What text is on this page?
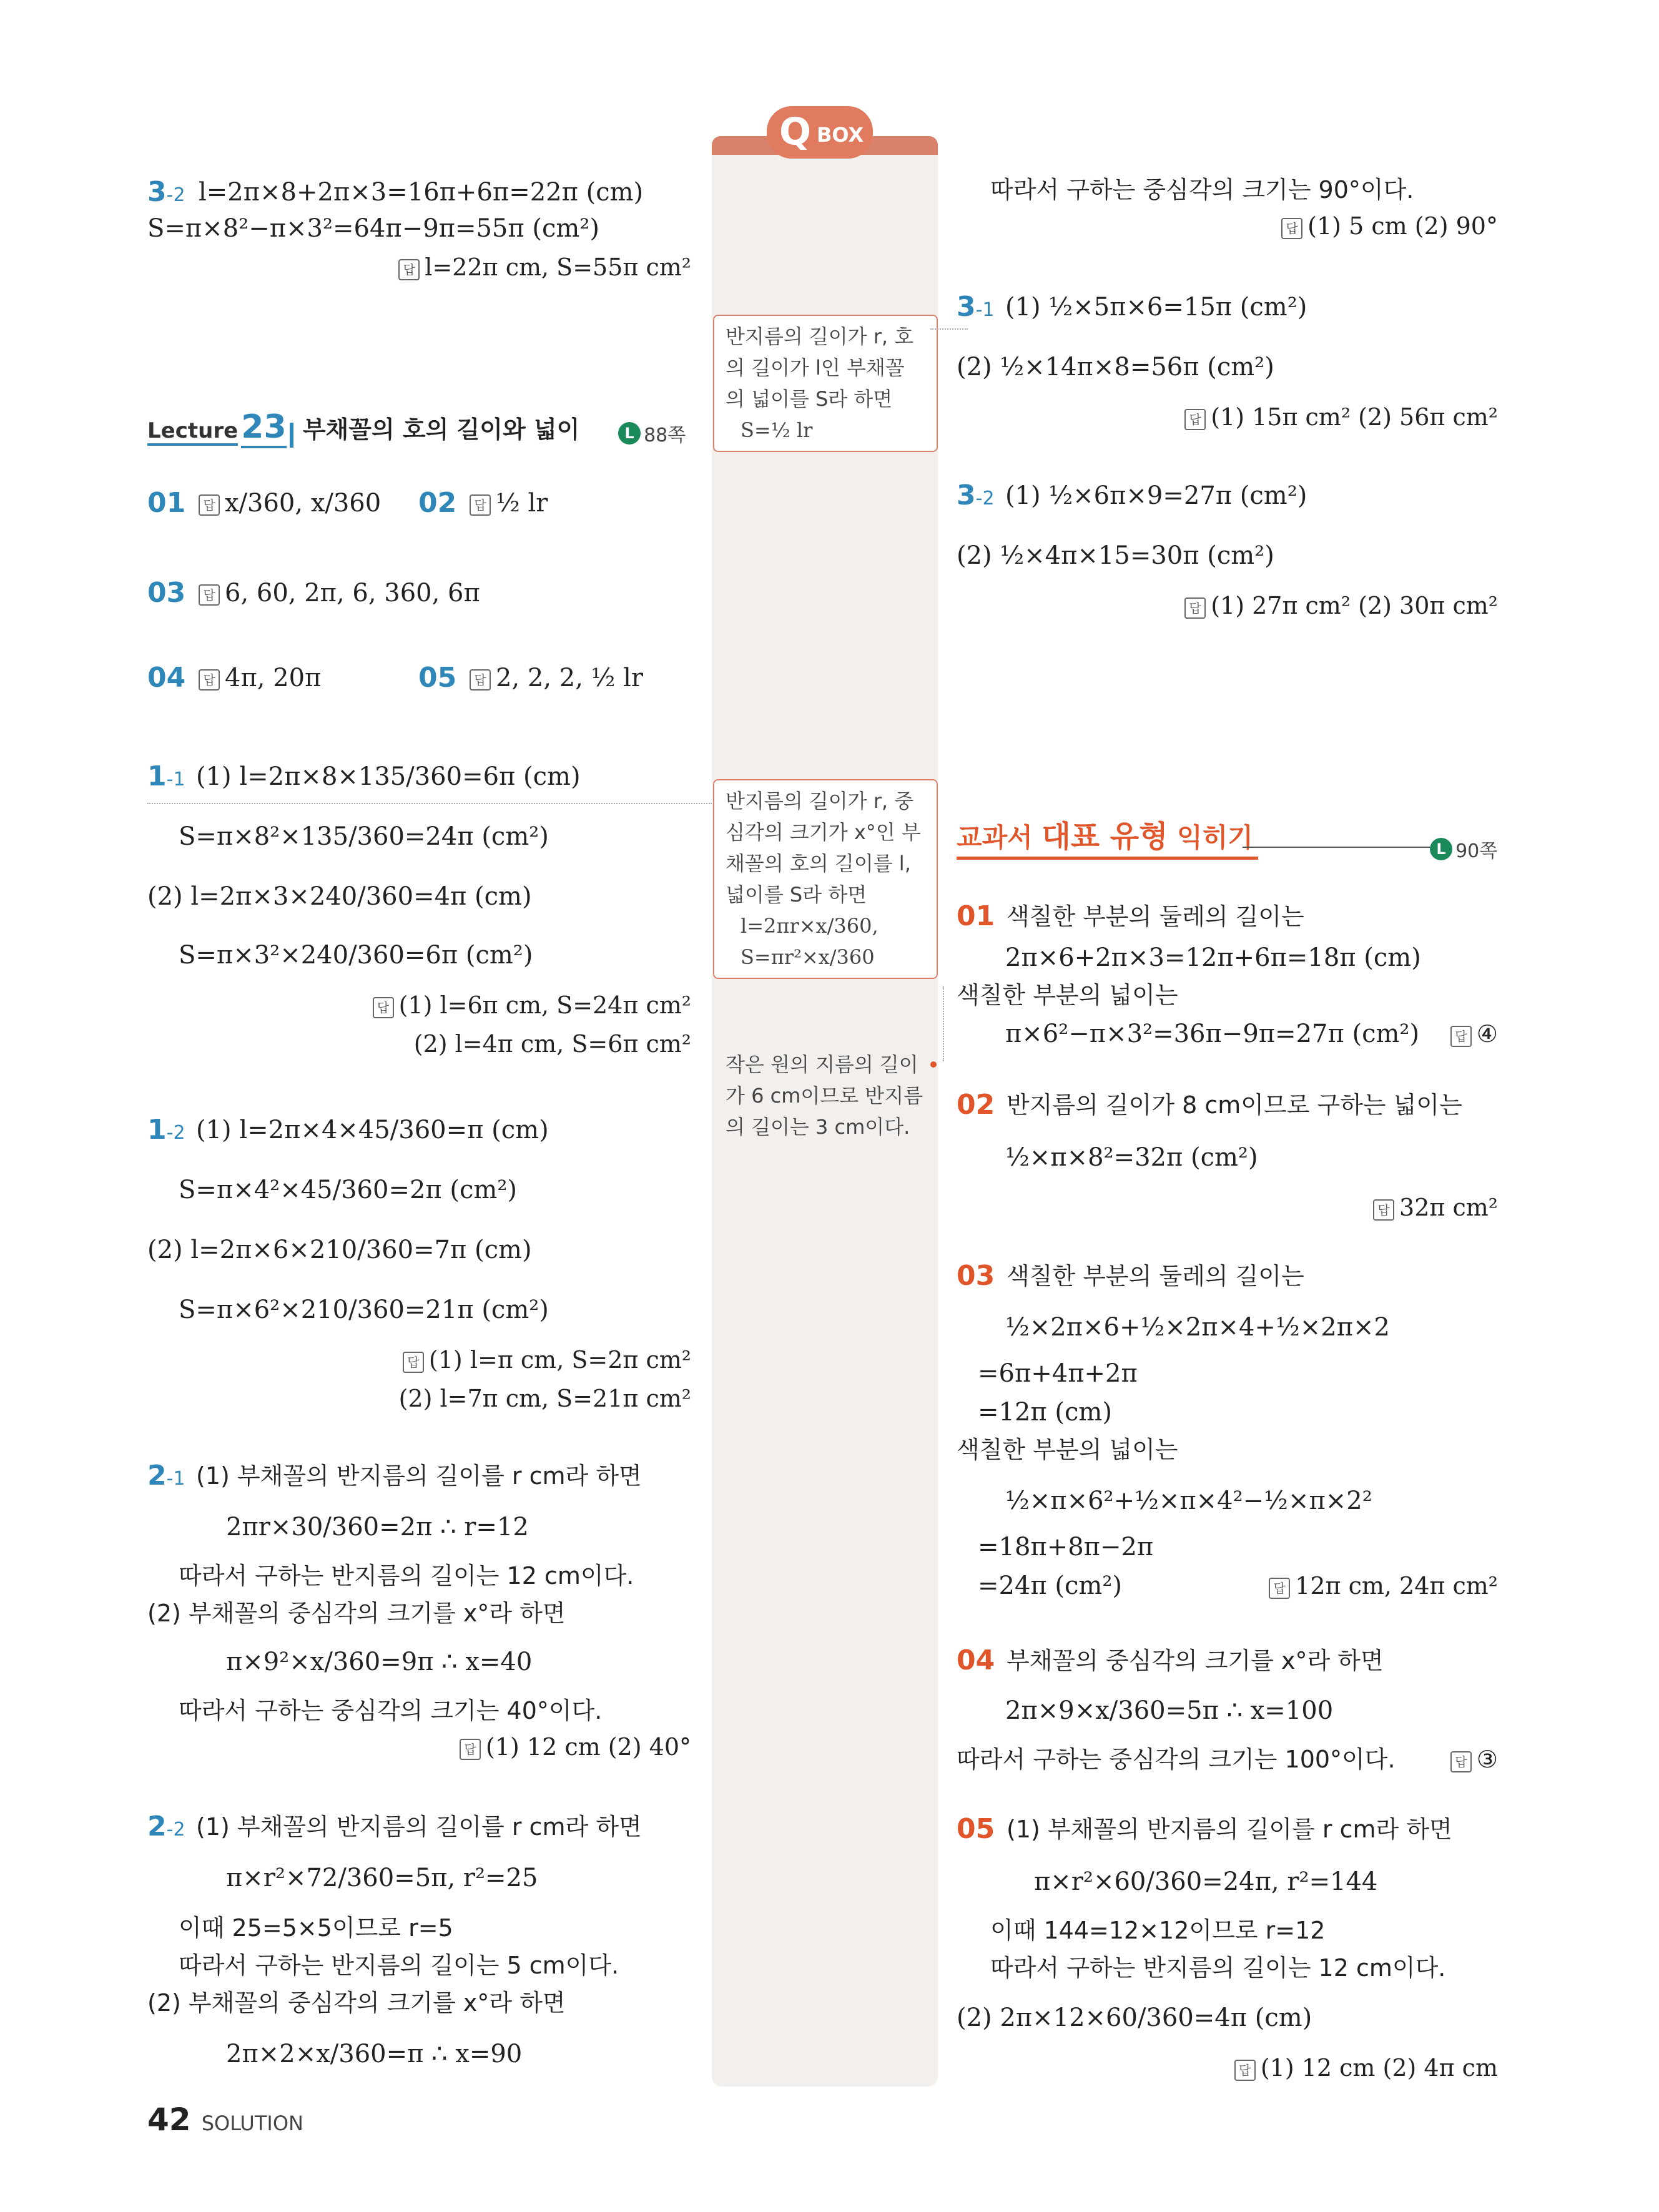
Q BOX
3-2 l=2π×8+2π×3=16π+6π=22π (cm)
S=π×8²−π×3²=64π−9π=55π (cm²)
답 l=22π cm, S=55π cm²
Lecture 23 부채꼴의 호의 길이와 넓이	L 88쪽
01	답 x/360, x/360 02	답 ½ lr
03	답 6, 60, 2π, 6, 360, 6π
04	답 4π, 20π	05	답 2, 2, 2, ½ lr
1-1 (1) l=2π×8×135/360=6π (cm)
S=π×8²×135/360=24π (cm²)
(2) l=2π×3×240/360=4π (cm)
S=π×3²×240/360=6π (cm²)
답 (1) l=6π cm, S=24π cm²
(2) l=4π cm, S=6π cm²
1-2 (1) l=2π×4×45/360=π (cm)
S=π×4²×45/360=2π (cm²)
(2) l=2π×6×210/360=7π (cm)
S=π×6²×210/360=21π (cm²)
답 (1) l=π cm, S=2π cm²
(2) l=7π cm, S=21π cm²
2-1 (1) 부채꼴의 반지름의 길이를 r cm라 하면
2πr×30/360=2π ∴ r=12
따라서 구하는 반지름의 길이는 12 cm이다.
(2) 부채꼴의 중심각의 크기를 x°라 하면
π×9²×x/360=9π ∴ x=40
따라서 구하는 중심각의 크기는 40°이다.
답 (1) 12 cm (2) 40°
2-2 (1) 부채꼴의 반지름의 길이를 r cm라 하면
π×r²×72/360=5π, r²=25
이때 25=5×5이므로 r=5
따라서 구하는 반지름의 길이는 5 cm이다.
(2) 부채꼴의 중심각의 크기를 x°라 하면
2π×2×x/360=π ∴ x=90
42 SOLUTION
반지름의 길이가 r, 호
의 길이가 l인 부채꼴
의 넓이를 S라 하면
S=½ lr
반지름의 길이가 r, 중
심각의 크기가 x°인 부
채꼴의 호의 길이를 l,
넓이를 S라 하면
l=2πr×x/360,
S=πr²×x/360
작은 원의 지름의 길이
가 6 cm이므로 반지름
의 길이는 3 cm이다.
따라서 구하는 중심각의 크기는 90°이다.
답 (1) 5 cm (2) 90°
3-1 (1) ½×5π×6=15π (cm²)
(2) ½×14π×8=56π (cm²)
답 (1) 15π cm² (2) 56π cm²
3-2 (1) ½×6π×9=27π (cm²)
(2) ½×4π×15=30π (cm²)
답 (1) 27π cm² (2) 30π cm²
교과서 대표 유형 익히기	L 90쪽
01 색칠한 부분의 둘레의 길이는
2π×6+2π×3=12π+6π=18π (cm)
색칠한 부분의 넓이는
π×6²−π×3²=36π−9π=27π (cm²)	답 ④
02 반지름의 길이가 8 cm이므로 구하는 넓이는
½×π×8²=32π (cm²)
답 32π cm²
03 색칠한 부분의 둘레의 길이는
½×2π×6+½×2π×4+½×2π×2
=6π+4π+2π
=12π (cm)
색칠한 부분의 넓이는
½×π×6²+½×π×4²−½×π×2²
=18π+8π−2π
=24π (cm²)	답 12π cm, 24π cm²
04 부채꼴의 중심각의 크기를 x°라 하면
2π×9×x/360=5π ∴ x=100
따라서 구하는 중심각의 크기는 100°이다.	답 ③
05 (1) 부채꼴의 반지름의 길이를 r cm라 하면
π×r²×60/360=24π, r²=144
이때 144=12×12이므로 r=12
따라서 구하는 반지름의 길이는 12 cm이다.
(2) 2π×12×60/360=4π (cm)
답 (1) 12 cm (2) 4π cm
